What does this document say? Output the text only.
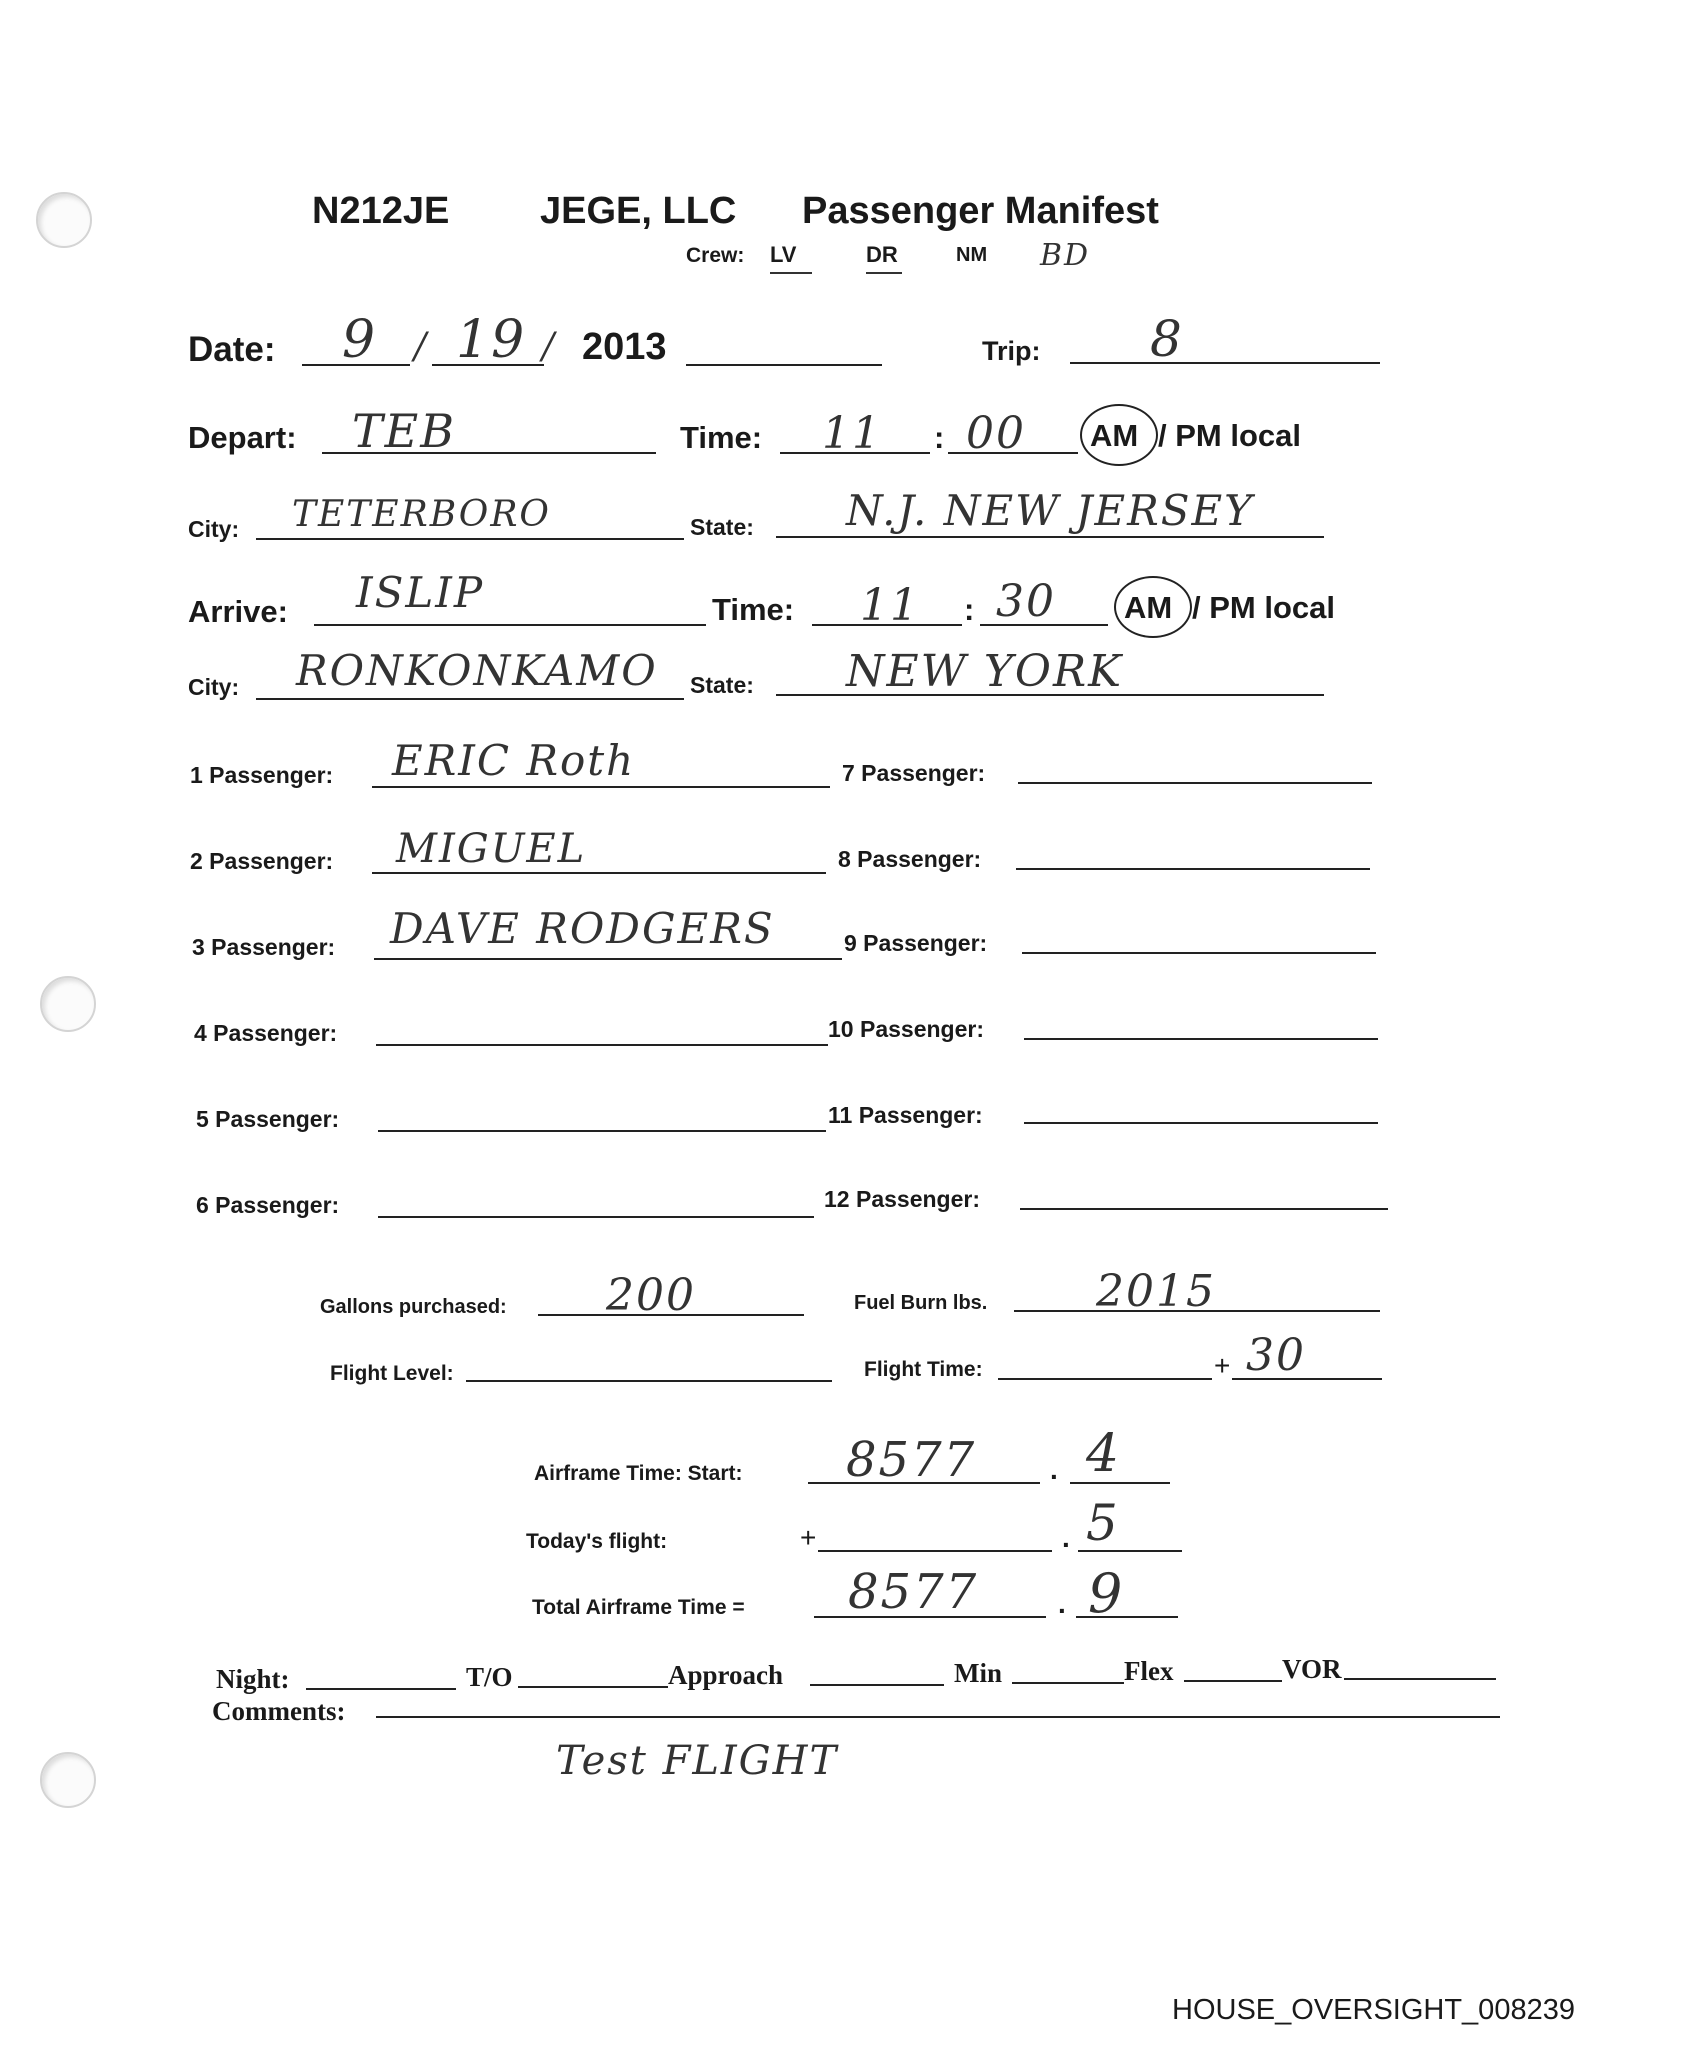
N212JE JEGE, LLC Passenger Manifest
Crew: LV	DR	NM BD
Date: 9 / 19 / 2013	Trip: 8
Depart: TEB	Time: 11 : 00 AM / PM local
City: TETERBORO	State: N.J. NEW JERSEY
Arrive: ISLIP	Time: 11 : 30 AM / PM local
City: RONKONKAMO State: NEW YORK
1 Passenger: ERIC Roth
2 Passenger: MIGUEL
3 Passenger: DAVE RODGERS
4 Passenger:
5 Passenger:
6 Passenger:
7 Passenger:
8 Passenger:
9 Passenger:
10 Passenger:
11 Passenger:
12 Passenger:
Gallons purchased: 200	Fuel Burn lbs. 2015
Flight Level:	Flight Time:	+ 30
Airframe Time: Start: 8577	. 4
Today's flight:	+	. 5
Total Airframe Time = 8577	. 9
Night:	T/O	Approach	Min	Flex	VOR
Comments:
Test FLIGHT
HOUSE_OVERSIGHT_008239
